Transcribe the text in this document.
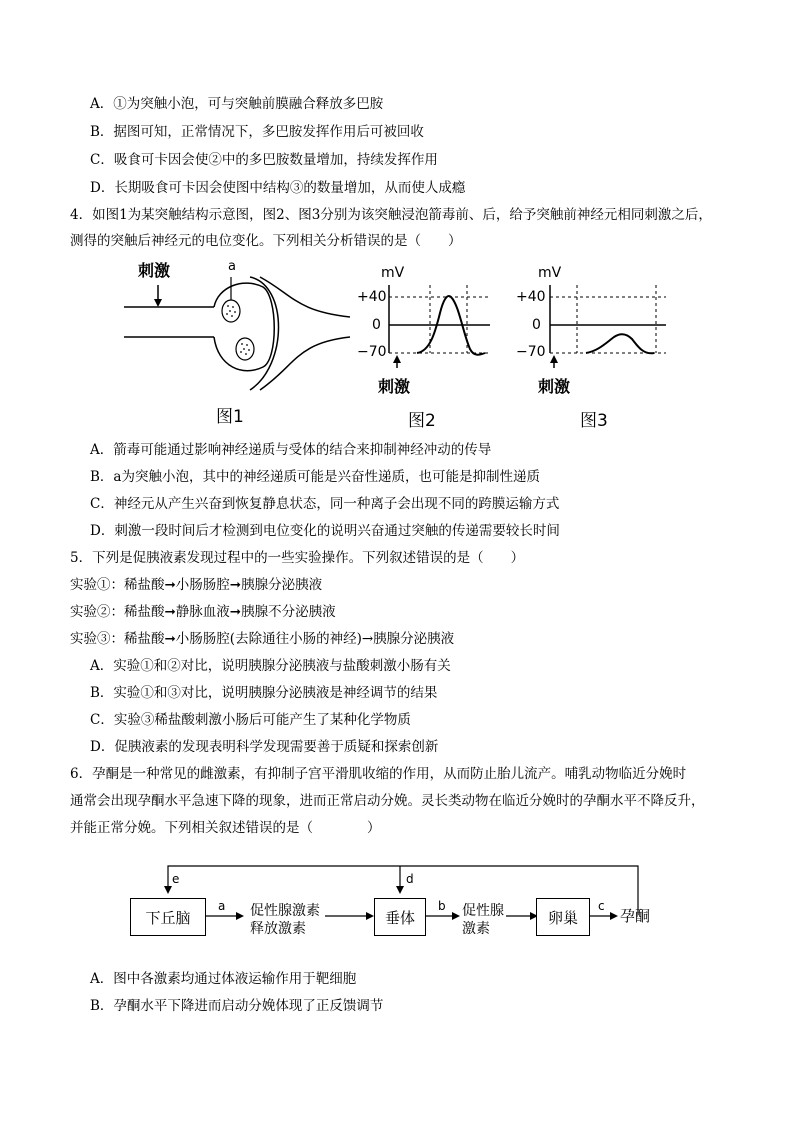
A．①为突触小泡，可与突触前膜融合释放多巴胺
B．据图可知，正常情况下，多巴胺发挥作用后可被回收
C．吸食可卡因会使②中的多巴胺数量增加，持续发挥作用
D．长期吸食可卡因会使图中结构③的数量增加，从而使人成瘾
4．如图1为某突触结构示意图，图2、图3分别为该突触浸泡箭毒前、后，给予突触前神经元相同刺激之后，
测得的突触后神经元的电位变化。下列相关分析错误的是（　　）
刺激	a
图1
mV
+40
0
−70
刺激
图2
mV
+40
0
−70
刺激
图3
A．箭毒可能通过影响神经递质与受体的结合来抑制神经冲动的传导
B．a为突触小泡，其中的神经递质可能是兴奋性递质，也可能是抑制性递质
C．神经元从产生兴奋到恢复静息状态，同一种离子会出现不同的跨膜运输方式
D．刺激一段时间后才检测到电位变化的说明兴奋通过突触的传递需要较长时间
5．下列是促胰液素发现过程中的一些实验操作。下列叙述错误的是（　　）
实验①：稀盐酸➞小肠肠腔➞胰腺分泌胰液
实验②：稀盐酸➞静脉血液➞胰腺不分泌胰液
实验③：稀盐酸➞小肠肠腔(去除通往小肠的神经)→胰腺分泌胰液
A．实验①和②对比，说明胰腺分泌胰液与盐酸刺激小肠有关
B．实验①和③对比，说明胰腺分泌胰液是神经调节的结果
C．实验③稀盐酸刺激小肠后可能产生了某种化学物质
D．促胰液素的发现表明科学发现需要善于质疑和探索创新
6．孕酮是一种常见的雌激素，有抑制子宫平滑肌收缩的作用，从而防止胎儿流产。哺乳动物临近分娩时
通常会出现孕酮水平急速下降的现象，进而正常启动分娩。灵长类动物在临近分娩时的孕酮水平不降反升，
并能正常分娩。下列相关叙述错误的是（　　　　）
下丘脑
a 促性腺激素
释放激素
垂体
b 促性腺
激素
卵巢
c
孕酮
d
e
A．图中各激素均通过体液运输作用于靶细胞
B．孕酮水平下降进而启动分娩体现了正反馈调节
